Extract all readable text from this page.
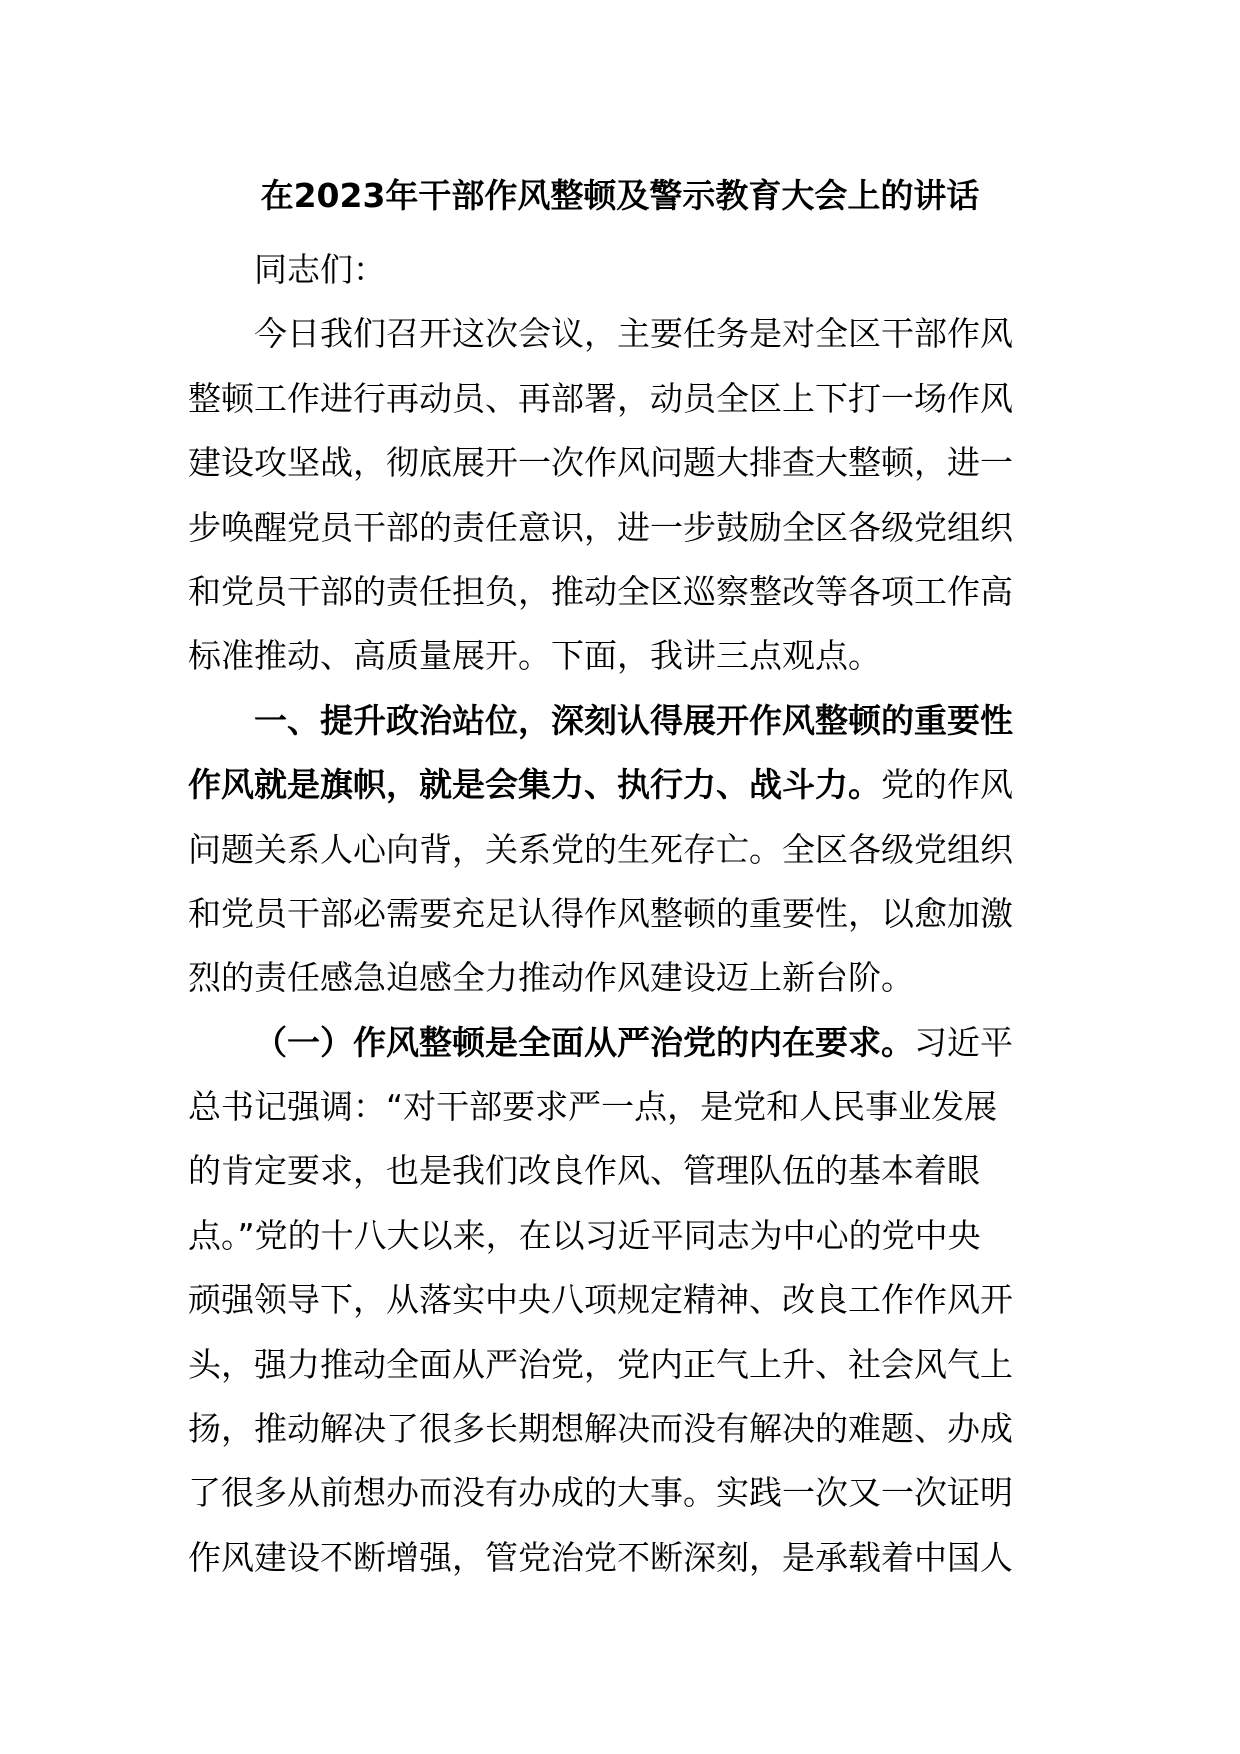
在2023年干部作风整顿及警示教育大会上的讲话
同志们：
今日我们召开这次会议，主要任务是对全区干部作风
整顿工作进行再动员、再部署，动员全区上下打一场作风
建设攻坚战，彻底展开一次作风问题大排查大整顿，进一
步唤醒党员干部的责任意识，进一步鼓励全区各级党组织
和党员干部的责任担负，推动全区巡察整改等各项工作高
标准推动、高质量展开。下面，我讲三点观点。
一、提升政治站位，深刻认得展开作风整顿的重要性
作风就是旗帜，就是会集力、执行力、战斗力。党的作风
问题关系人心向背，关系党的生死存亡。全区各级党组织
和党员干部必需要充足认得作风整顿的重要性，以愈加激
烈的责任感急迫感全力推动作风建设迈上新台阶。
（一）作风整顿是全面从严治党的内在要求。习近平
总书记强调：“对干部要求严一点，是党和人民事业发展
的肯定要求，也是我们改良作风、管理队伍的基本着眼
点。”党的十八大以来，在以习近平同志为中心的党中央
顽强领导下，从落实中央八项规定精神、改良工作作风开
头，强力推动全面从严治党，党内正气上升、社会风气上
扬，推动解决了很多长期想解决而没有解决的难题、办成
了很多从前想办而没有办成的大事。实践一次又一次证明
作风建设不断增强，管党治党不断深刻，是承载着中国人
